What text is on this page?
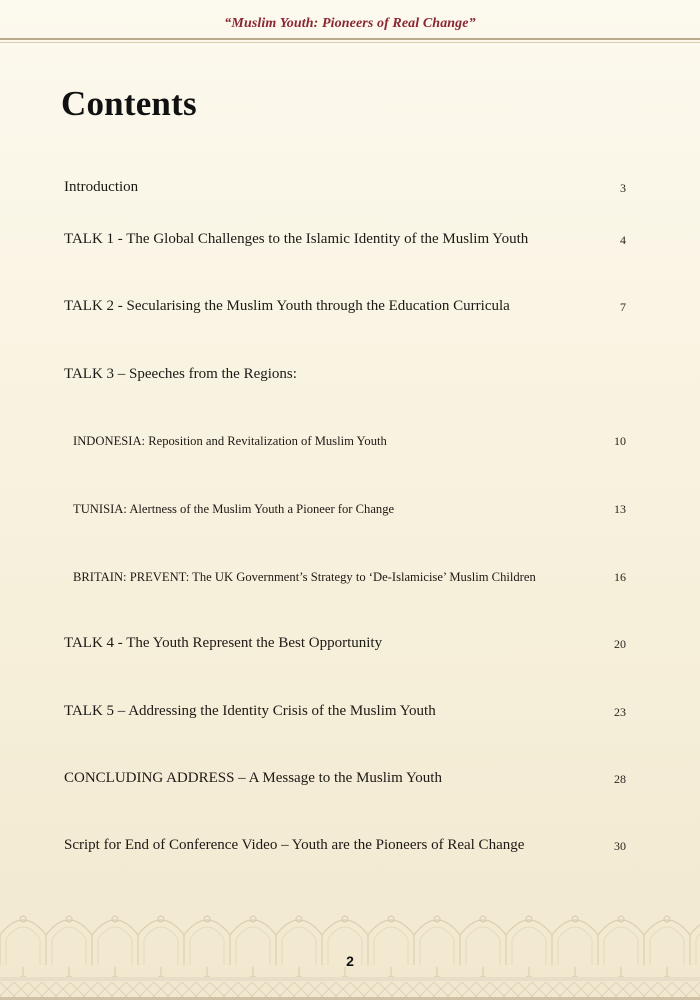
“Muslim Youth: Pioneers of Real Change”
Contents
Introduction	3
TALK 1 - The Global Challenges to the Islamic Identity of the Muslim Youth	4
TALK 2 - Secularising the Muslim Youth through the Education Curricula	7
TALK 3 – Speeches from the Regions:
INDONESIA: Reposition and Revitalization of Muslim Youth	10
TUNISIA: Alertness of the Muslim Youth a Pioneer for Change	13
BRITAIN: PREVENT: The UK Government’s Strategy to ‘De-Islamicise’ Muslim Children	16
TALK 4 - The Youth Represent the Best Opportunity	20
TALK 5 – Addressing the Identity Crisis of the Muslim Youth	23
CONCLUDING ADDRESS – A Message to the Muslim Youth	28
Script for End of Conference Video – Youth are the Pioneers of Real Change	30
2
